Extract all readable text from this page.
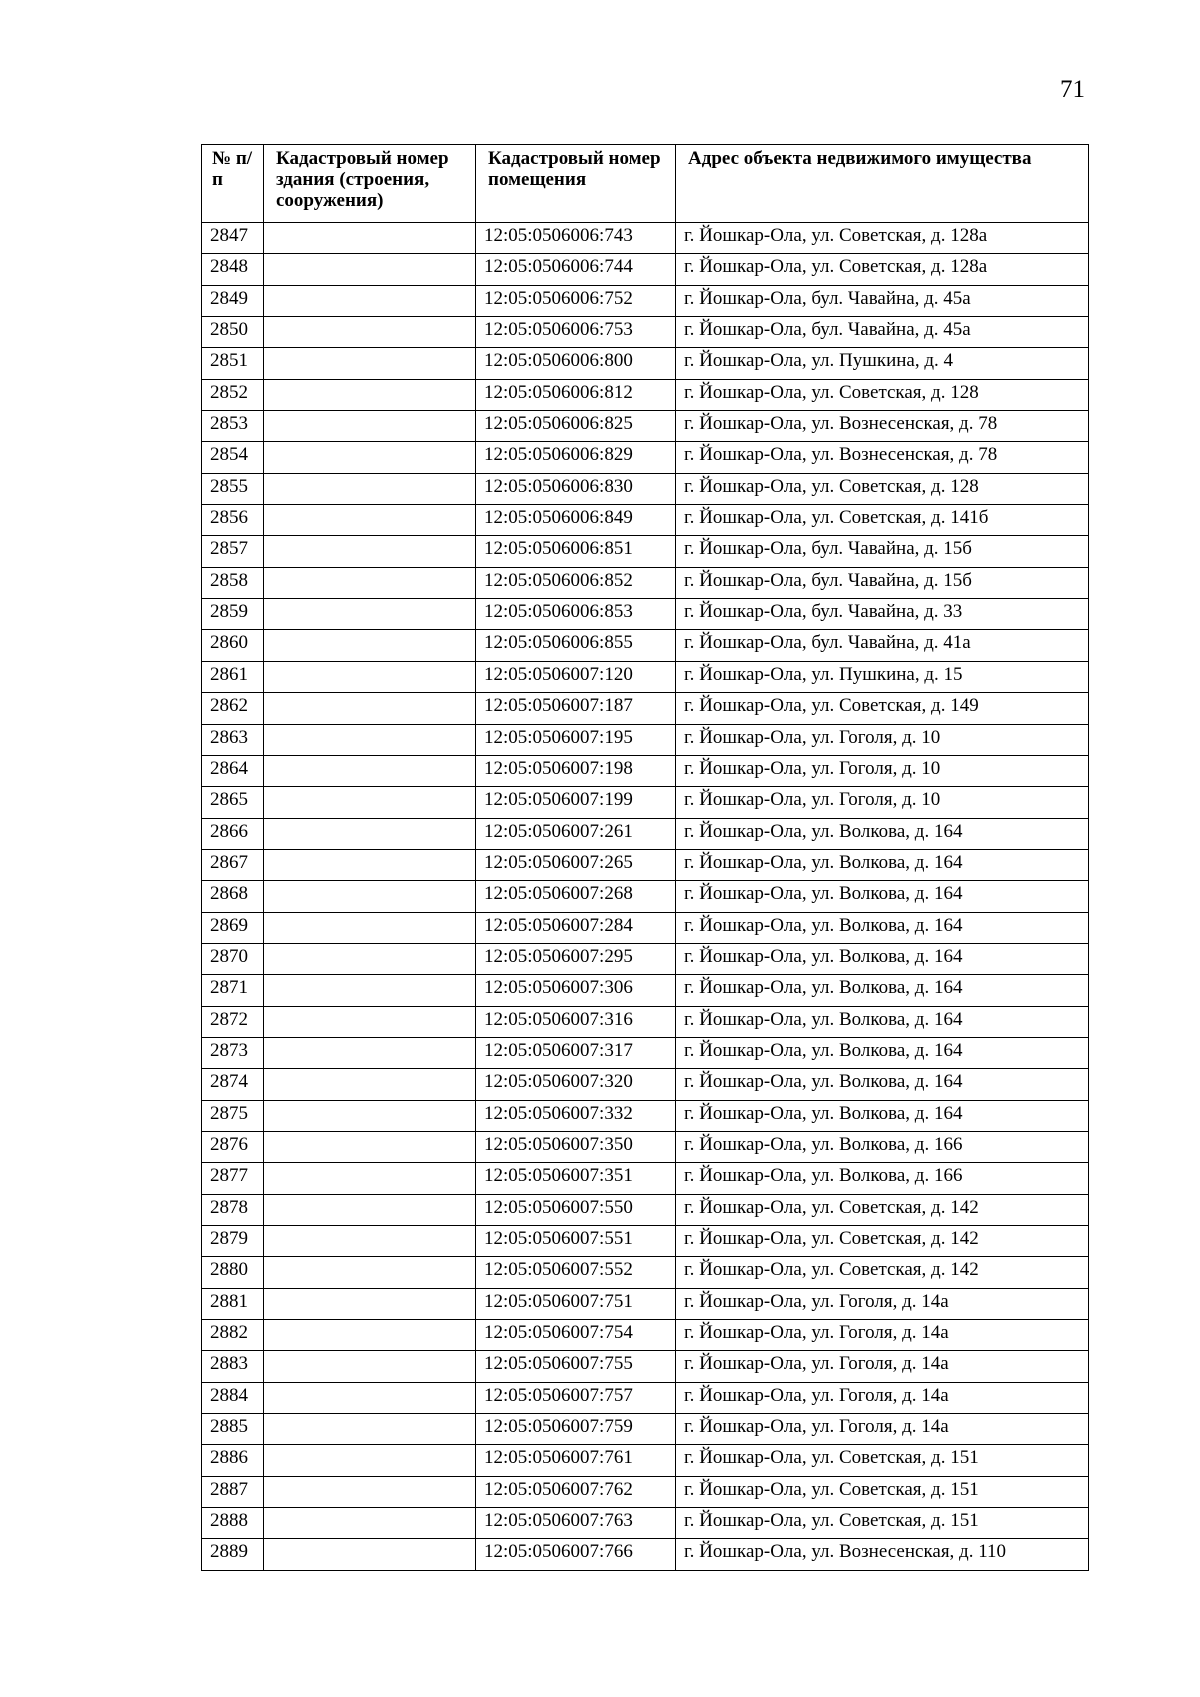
71
№ п/п	Кадастровый номер здания (строения, сооружения)	Кадастровый номер помещения	Адрес объекта недвижимого имущества
2847		12:05:0506006:743	г. Йошкар-Ола, ул. Советская, д. 128а
2848		12:05:0506006:744	г. Йошкар-Ола, ул. Советская, д. 128а
2849		12:05:0506006:752	г. Йошкар-Ола, бул. Чавайна, д. 45а
2850		12:05:0506006:753	г. Йошкар-Ола, бул. Чавайна, д. 45а
2851		12:05:0506006:800	г. Йошкар-Ола, ул. Пушкина, д. 4
2852		12:05:0506006:812	г. Йошкар-Ола, ул. Советская, д. 128
2853		12:05:0506006:825	г. Йошкар-Ола, ул. Вознесенская, д. 78
2854		12:05:0506006:829	г. Йошкар-Ола, ул. Вознесенская, д. 78
2855		12:05:0506006:830	г. Йошкар-Ола, ул. Советская, д. 128
2856		12:05:0506006:849	г. Йошкар-Ола, ул. Советская, д. 141б
2857		12:05:0506006:851	г. Йошкар-Ола, бул. Чавайна, д. 15б
2858		12:05:0506006:852	г. Йошкар-Ола, бул. Чавайна, д. 15б
2859		12:05:0506006:853	г. Йошкар-Ола, бул. Чавайна, д. 33
2860		12:05:0506006:855	г. Йошкар-Ола, бул. Чавайна, д. 41а
2861		12:05:0506007:120	г. Йошкар-Ола, ул. Пушкина, д. 15
2862		12:05:0506007:187	г. Йошкар-Ола, ул. Советская, д. 149
2863		12:05:0506007:195	г. Йошкар-Ола, ул. Гоголя, д. 10
2864		12:05:0506007:198	г. Йошкар-Ола, ул. Гоголя, д. 10
2865		12:05:0506007:199	г. Йошкар-Ола, ул. Гоголя, д. 10
2866		12:05:0506007:261	г. Йошкар-Ола, ул. Волкова, д. 164
2867		12:05:0506007:265	г. Йошкар-Ола, ул. Волкова, д. 164
2868		12:05:0506007:268	г. Йошкар-Ола, ул. Волкова, д. 164
2869		12:05:0506007:284	г. Йошкар-Ола, ул. Волкова, д. 164
2870		12:05:0506007:295	г. Йошкар-Ола, ул. Волкова, д. 164
2871		12:05:0506007:306	г. Йошкар-Ола, ул. Волкова, д. 164
2872		12:05:0506007:316	г. Йошкар-Ола, ул. Волкова, д. 164
2873		12:05:0506007:317	г. Йошкар-Ола, ул. Волкова, д. 164
2874		12:05:0506007:320	г. Йошкар-Ола, ул. Волкова, д. 164
2875		12:05:0506007:332	г. Йошкар-Ола, ул. Волкова, д. 164
2876		12:05:0506007:350	г. Йошкар-Ола, ул. Волкова, д. 166
2877		12:05:0506007:351	г. Йошкар-Ола, ул. Волкова, д. 166
2878		12:05:0506007:550	г. Йошкар-Ола, ул. Советская, д. 142
2879		12:05:0506007:551	г. Йошкар-Ола, ул. Советская, д. 142
2880		12:05:0506007:552	г. Йошкар-Ола, ул. Советская, д. 142
2881		12:05:0506007:751	г. Йошкар-Ола, ул. Гоголя, д. 14а
2882		12:05:0506007:754	г. Йошкар-Ола, ул. Гоголя, д. 14а
2883		12:05:0506007:755	г. Йошкар-Ола, ул. Гоголя, д. 14а
2884		12:05:0506007:757	г. Йошкар-Ола, ул. Гоголя, д. 14а
2885		12:05:0506007:759	г. Йошкар-Ола, ул. Гоголя, д. 14а
2886		12:05:0506007:761	г. Йошкар-Ола, ул. Советская, д. 151
2887		12:05:0506007:762	г. Йошкар-Ола, ул. Советская, д. 151
2888		12:05:0506007:763	г. Йошкар-Ола, ул. Советская, д. 151
2889		12:05:0506007:766	г. Йошкар-Ола, ул. Вознесенская, д. 110
